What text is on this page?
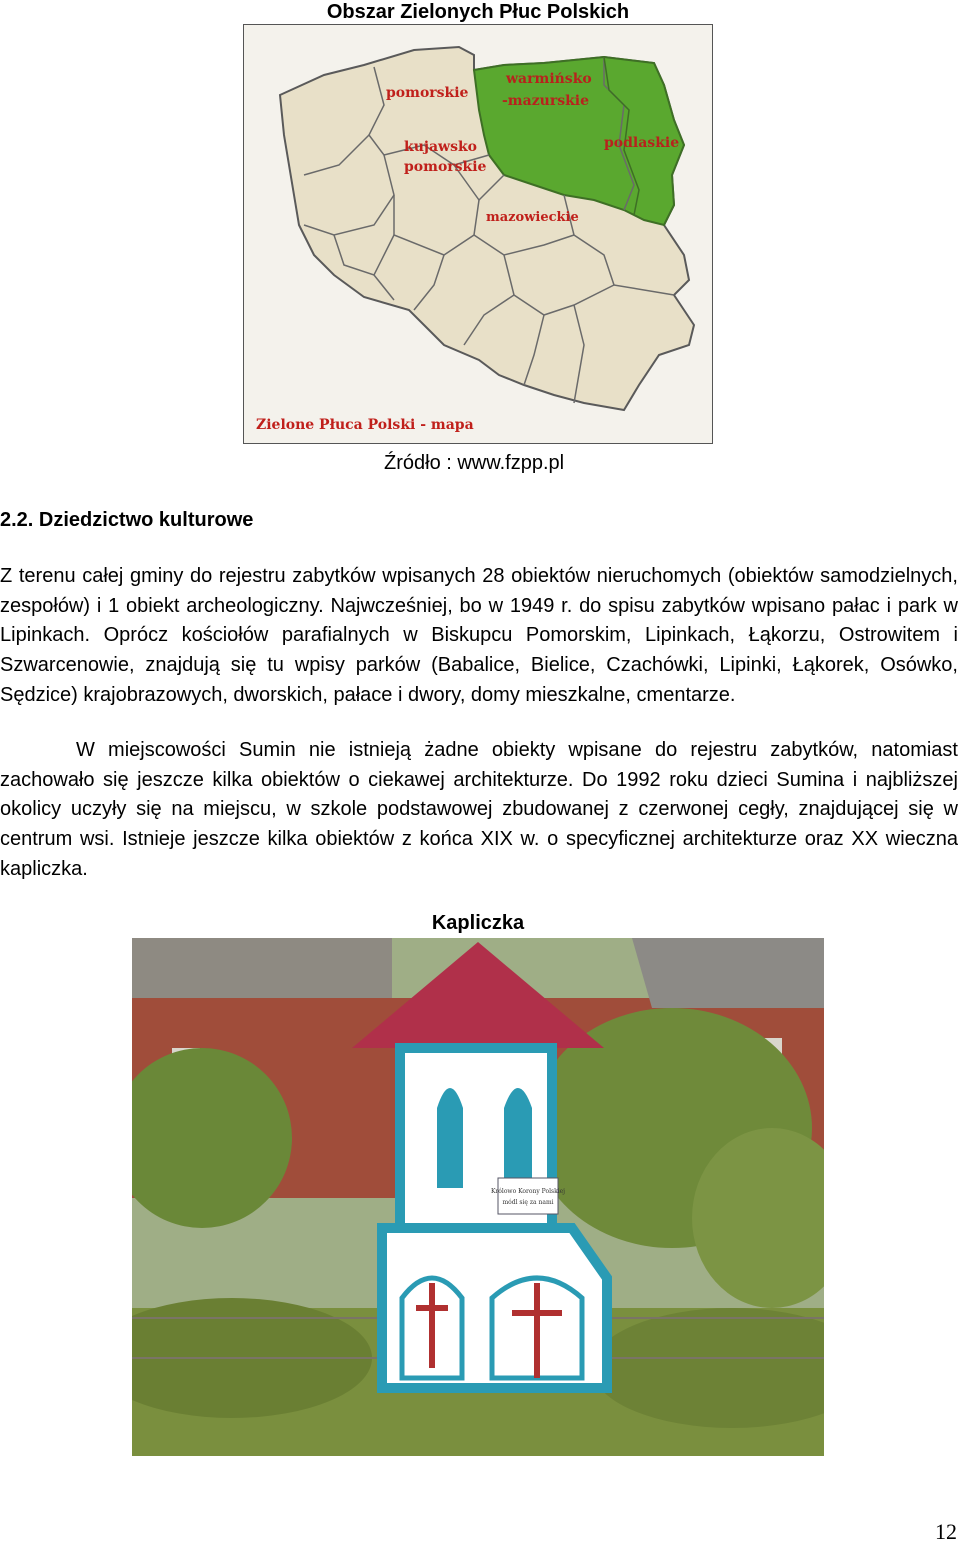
Obszar Zielonych Płuc Polskich
pomorskie
kujawsko
pomorskie
warmińsko
-mazurskie
podlaskie
mazowieckie
Zielone Płuca Polski - mapa
Źródło : www.fzpp.pl
2.2. Dziedzictwo kulturowe
Z terenu całej gminy do rejestru zabytków wpisanych 28 obiektów nieruchomych (obiektów samodzielnych, zespołów) i 1 obiekt archeologiczny. Najwcześniej, bo w 1949 r. do spisu zabytków wpisano pałac i park w Lipinkach. Oprócz kościołów parafialnych w Biskupcu Pomorskim, Lipinkach, Łąkorzu, Ostrowitem i Szwarcenowie, znajdują się tu wpisy parków (Babalice, Bielice, Czachówki, Lipinki, Łąkorek, Osówko, Sędzice) krajobrazowych, dworskich, pałace i dwory, domy mieszkalne, cmentarze.
W miejscowości Sumin nie istnieją żadne obiekty wpisane do rejestru zabytków, natomiast zachowało się jeszcze kilka obiektów o ciekawej architekturze. Do 1992 roku dzieci Sumina i najbliższej okolicy uczyły się na miejscu, w szkole podstawowej zbudowanej z czerwonej cegły, znajdującej się w centrum wsi. Istnieje jeszcze kilka obiektów z końca XIX w. o specyficznej architekturze oraz XX wieczna kapliczka.
Kapliczka
Królowo Korony Polskiej
módl się za nami
12
